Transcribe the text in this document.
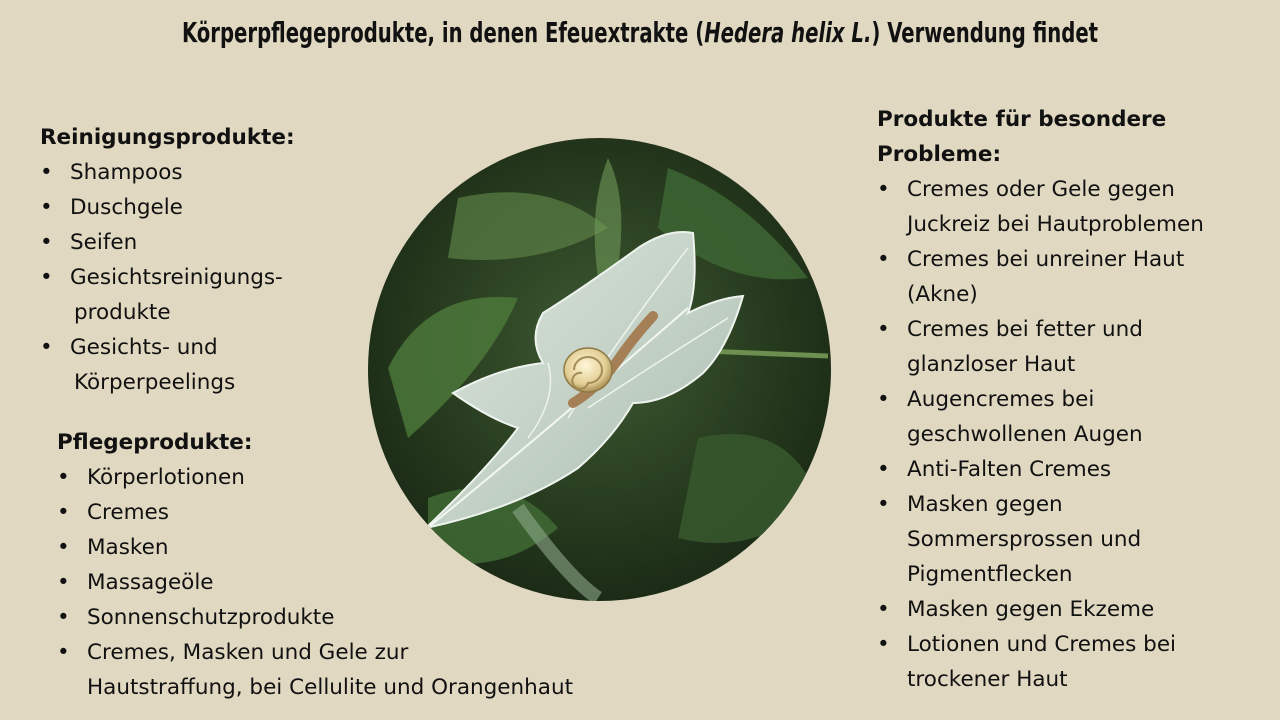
Körperpflegeprodukte, in denen Efeuextrakte (Hedera helix L.) Verwendung findet
Reinigungsprodukte:
• Shampoos
• Duschgele
• Seifen
• Gesichtsreinigungs-
produkte
• Gesichts- und
Körperpeelings
Pflegeprodukte:
• Körperlotionen
• Cremes
• Masken
• Massageöle
• Sonnenschutzprodukte
• Cremes, Masken und Gele zur
Hautstraffung, bei Cellulite und Orangenhaut
Produkte für besondere
Probleme:
• Cremes oder Gele gegen
Juckreiz bei Hautproblemen
• Cremes bei unreiner Haut
(Akne)
• Cremes bei fetter und
glanzloser Haut
• Augencremes bei
geschwollenen Augen
• Anti-Falten Cremes
• Masken gegen
Sommersprossen und
Pigmentflecken
• Masken gegen Ekzeme
• Lotionen und Cremes bei
trockener Haut
